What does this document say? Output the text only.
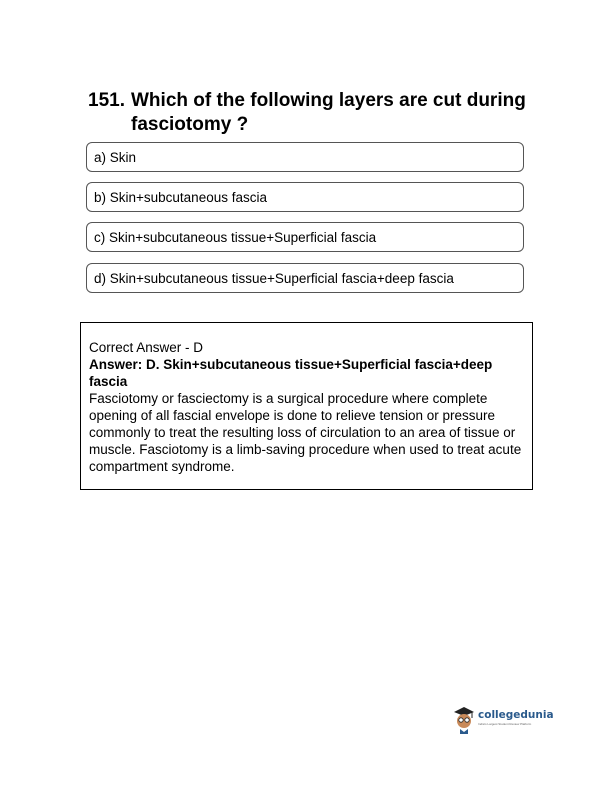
151. Which of the following layers are cut during fasciotomy ?
a) Skin
b) Skin+subcutaneous fascia
c) Skin+subcutaneous tissue+Superficial fascia
d) Skin+subcutaneous tissue+Superficial fascia+deep fascia
Correct Answer - D
Answer: D. Skin+subcutaneous tissue+Superficial fascia+deep fascia
Fasciotomy or fasciectomy is a surgical procedure where complete opening of all fascial envelope is done to relieve tension or pressure commonly to treat the resulting loss of circulation to an area of tissue or muscle. Fasciotomy is a limb-saving procedure when used to treat acute compartment syndrome.
collegedunia
India's Largest Student Review Platform
